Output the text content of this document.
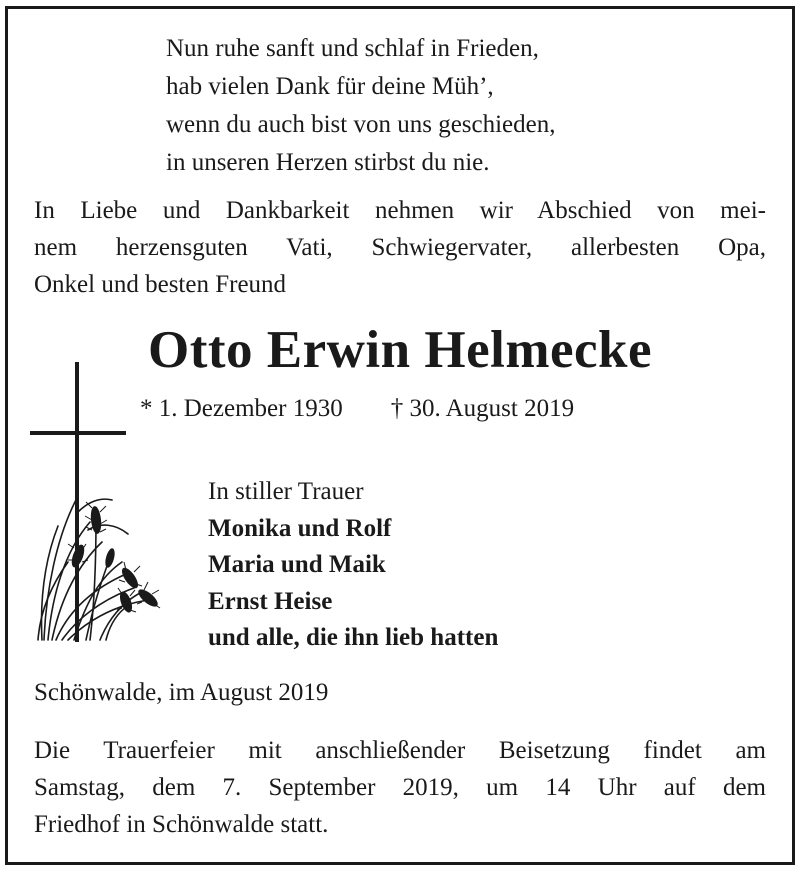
Nun ruhe sanft und schlaf in Frieden,
hab vielen Dank für deine Müh’,
wenn du auch bist von uns geschieden,
in unseren Herzen stirbst du nie.
In Liebe und Dankbarkeit nehmen wir Abschied von mei-
nem herzensguten Vati, Schwiegervater, allerbesten Opa,
Onkel und besten Freund
Otto Erwin Helmecke
* 1. Dezember 1930 † 30. August 2019
In stiller Trauer
Monika und Rolf
Maria und Maik
Ernst Heise
und alle, die ihn lieb hatten
Schönwalde, im August 2019
Die Trauerfeier mit anschließender Beisetzung findet am
Samstag, dem 7. September 2019, um 14 Uhr auf dem
Friedhof in Schönwalde statt.
